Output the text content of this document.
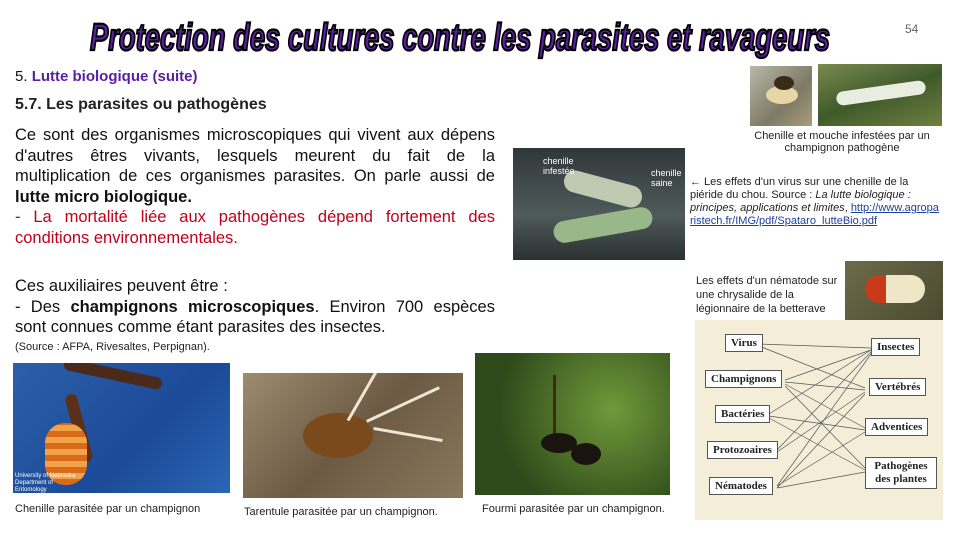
Protection des cultures contre les parasites et ravageurs	54
5. Lutte biologique (suite)
5.7. Les parasites ou pathogènes
Ce sont des organismes microscopiques qui vivent aux dépens d'autres êtres vivants, lesquels meurent du fait de la multiplication de ces organismes parasites. On parle aussi de lutte micro biologique.
- La mortalité liée aux pathogènes dépend fortement des conditions environnementales.
Ces auxiliaires peuvent être :
- Des champignons microscopiques. Environ 700 espèces sont connues comme étant parasites des insectes.
(Source : AFPA, Rivesaltes, Perpignan).
Chenille et mouche infestées par un champignon pathogène
chenille infestée	chenille saine	← Les effets d'un virus sur une chenille de la piéride du chou. Source : La lutte biologique : principes, applications et limites, http://www.agroparistech.fr/IMG/pdf/Spataro_lutteBio.pdf
Les effets d'un nématode sur une chrysalide de la légionnaire de la betterave
Virus
Champignons
Bactéries
Protozoaires
Nématodes
Insectes
Vertébrés
Adventices
Pathogènes des plantes
University of Nebraska Department of Entomology
Chenille parasitée par un champignon	Tarentule parasitée par un champignon.	Fourmi parasitée par un champignon.
